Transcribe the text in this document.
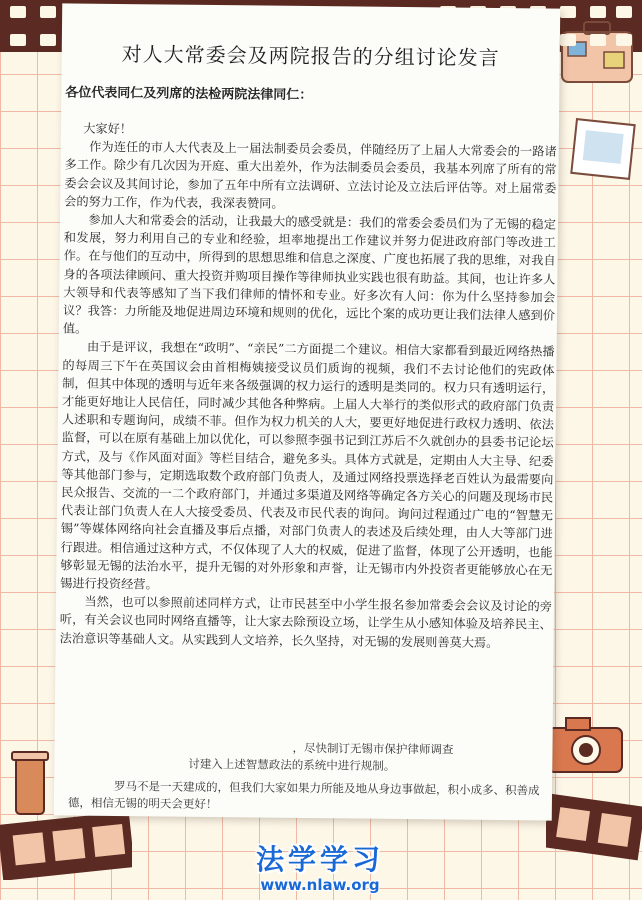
对人大常委会及两院报告的分组讨论发言

各位代表同仁及列席的法检两院法律同仁：

大家好！

作为连任的市人大代表及上一届法制委员会委员，伴随经历了上届人大常委会的一路诸多工作。除少有几次因为开庭、重大出差外，作为法制委员会委员，我基本列席了所有的常委会会议及其间讨论，参加了五年中所有立法调研、立法讨论及立法后评估等。对上届常委会的努力工作，作为代表，我深表赞同。

参加人大和常委会的活动，让我最大的感受就是：我们的常委会委员们为了无锡的稳定和发展，努力利用自己的专业和经验，坦率地提出工作建议并努力促进政府部门等改进工作。在与他们的互动中，所得到的思想思维和信息之深度、广度也拓展了我的思维，对我自身的各项法律顾问、重大投资并购项目操作等律师执业实践也很有助益。其间，也让许多人大领导和代表等感知了当下我们律师的情怀和专业。好多次有人问：你为什么坚持参加会议？我答：力所能及地促进周边环境和规则的优化，远比个案的成功更让我们法律人感到价值。

由于是评议，我想在“政明”、“亲民”二方面提二个建议。相信大家都看到最近网络热播的每周三下午在英国议会由首相梅姨接受议员们质询的视频，我们不去讨论他们的宪政体制，但其中体现的透明与近年来各级强调的权力运行的透明是类同的。权力只有透明运行，才能更好地让人民信任，同时减少其他各种弊病。上届人大举行的类似形式的政府部门负责人述职和专题询问，成绩不菲。但作为权力机关的人大，要更好地促进行政权力透明、依法监督，可以在原有基础上加以优化，可以参照李强书记到江苏后不久就创办的县委书记论坛方式，及与《作风面对面》等栏目结合，避免多头。具体方式就是，定期由人大主导、纪委等其他部门参与，定期选取数个政府部门负责人，及通过网络投票选择老百姓认为最需要向民众报告、交流的一二个政府部门，并通过多渠道及网络等确定各方关心的问题及现场市民代表让部门负责人在人大接受委员、代表及市民代表的询问。询问过程通过广电的“智慧无锡”等媒体网络向社会直播及事后点播，对部门负责人的表述及后续处理，由人大等部门进行跟进。相信通过这种方式，不仅体现了人大的权威，促进了监督，体现了公开透明，也能够彰显无锡的法治水平，提升无锡的对外形象和声誉，让无锡市内外投资者更能够放心在无锡进行投资经营。

当然，也可以参照前述同样方式，让市民甚至中小学生报名参加常委会会议及讨论的旁听，有关会议也同时网络直播等，让大家去除预设立场，让学生从小感知体验及培养民主、法治意识等基础人文。从实践到人文培养，长久坚持，对无锡的发展则善莫大焉。

，尽快制订无锡市保护律师调查

讨建入上述智慧政法的系统中进行规制。

罗马不是一天建成的，但我们大家如果力所能及地从身边事做起，积小成多、积善成德，相信无锡的明天会更好！

法学学习
www.nlaw.org
